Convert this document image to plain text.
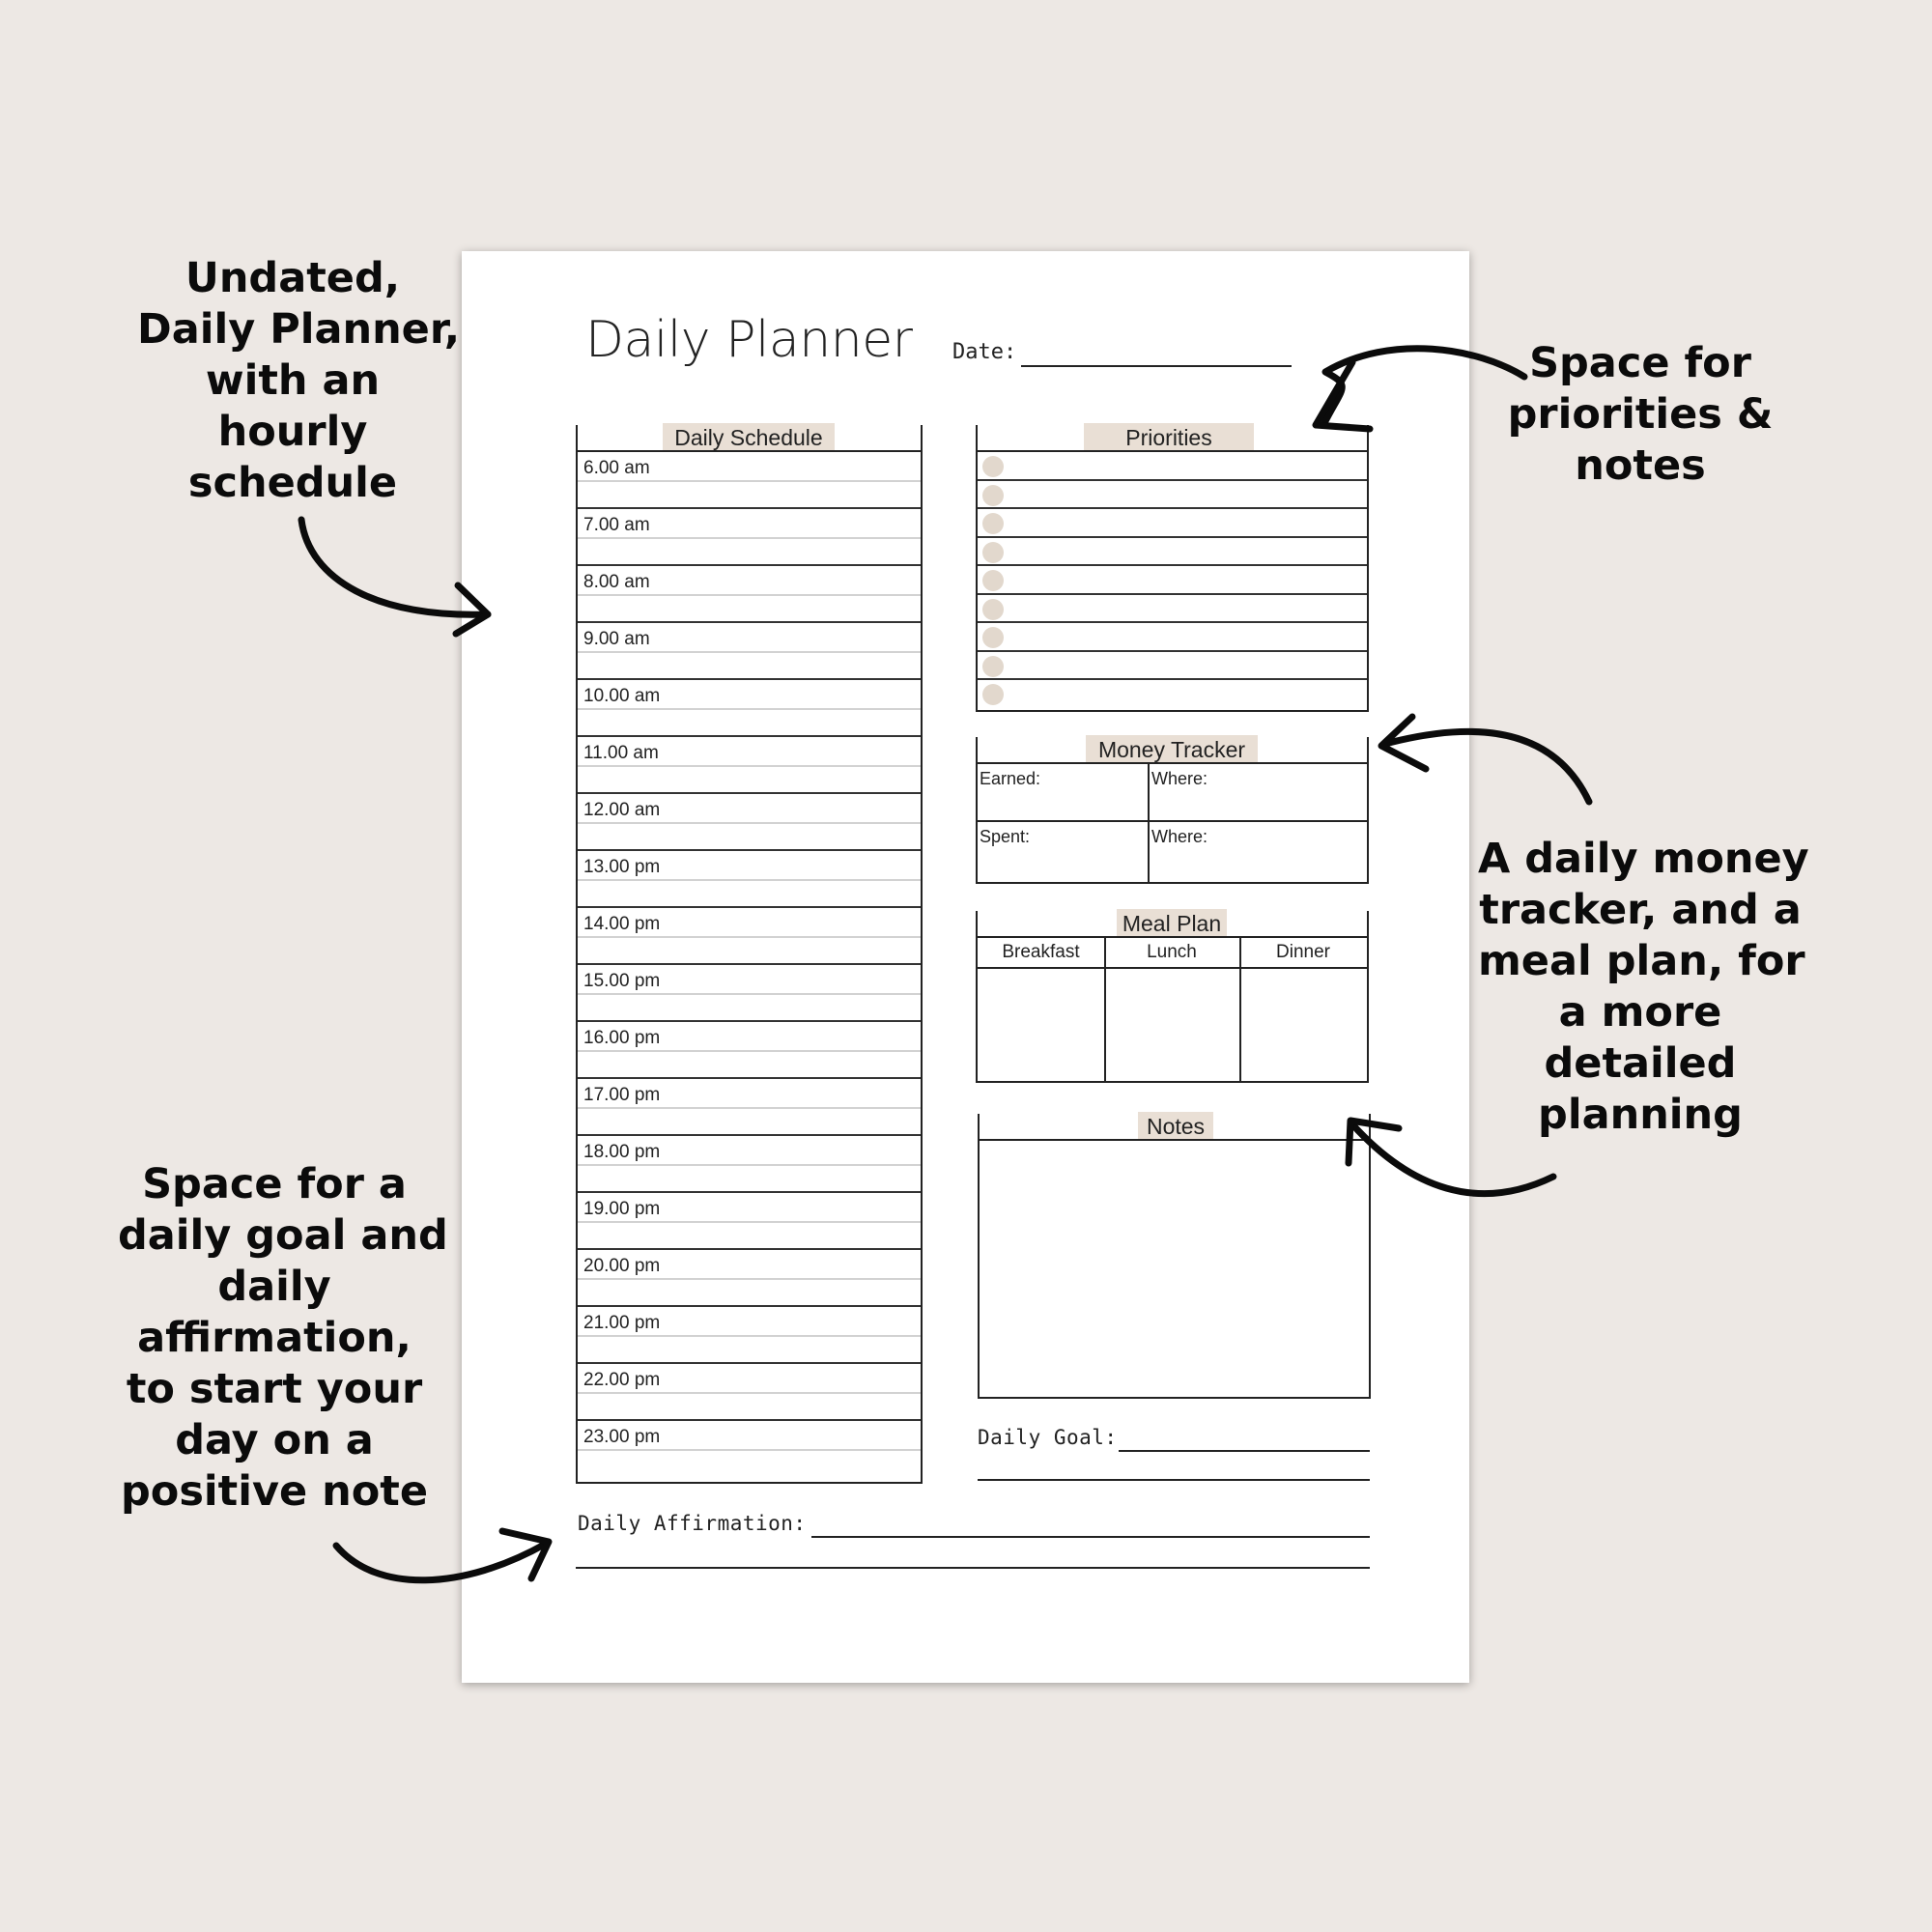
Undated,
Daily Planner,
with an
hourly
schedule
Space for
priorities &
notes
A daily money
tracker, and a
meal plan, for
a more
detailed
planning
Space for a
daily goal and
daily
affirmation,
to start your
day on a
positive note
Daily Planner Date:
Daily Schedule
6.00 am
7.00 am
8.00 am
9.00 am
10.00 am
11.00 am
12.00 am
13.00 pm
14.00 pm
15.00 pm
16.00 pm
17.00 pm
18.00 pm
19.00 pm
20.00 pm
21.00 pm
22.00 pm
23.00 pm
Priorities
Money Tracker
Earned:	Where:
Spent:	Where:
Meal Plan
Breakfast	Lunch	Dinner
Notes
Daily Goal:
Daily Affirmation:
